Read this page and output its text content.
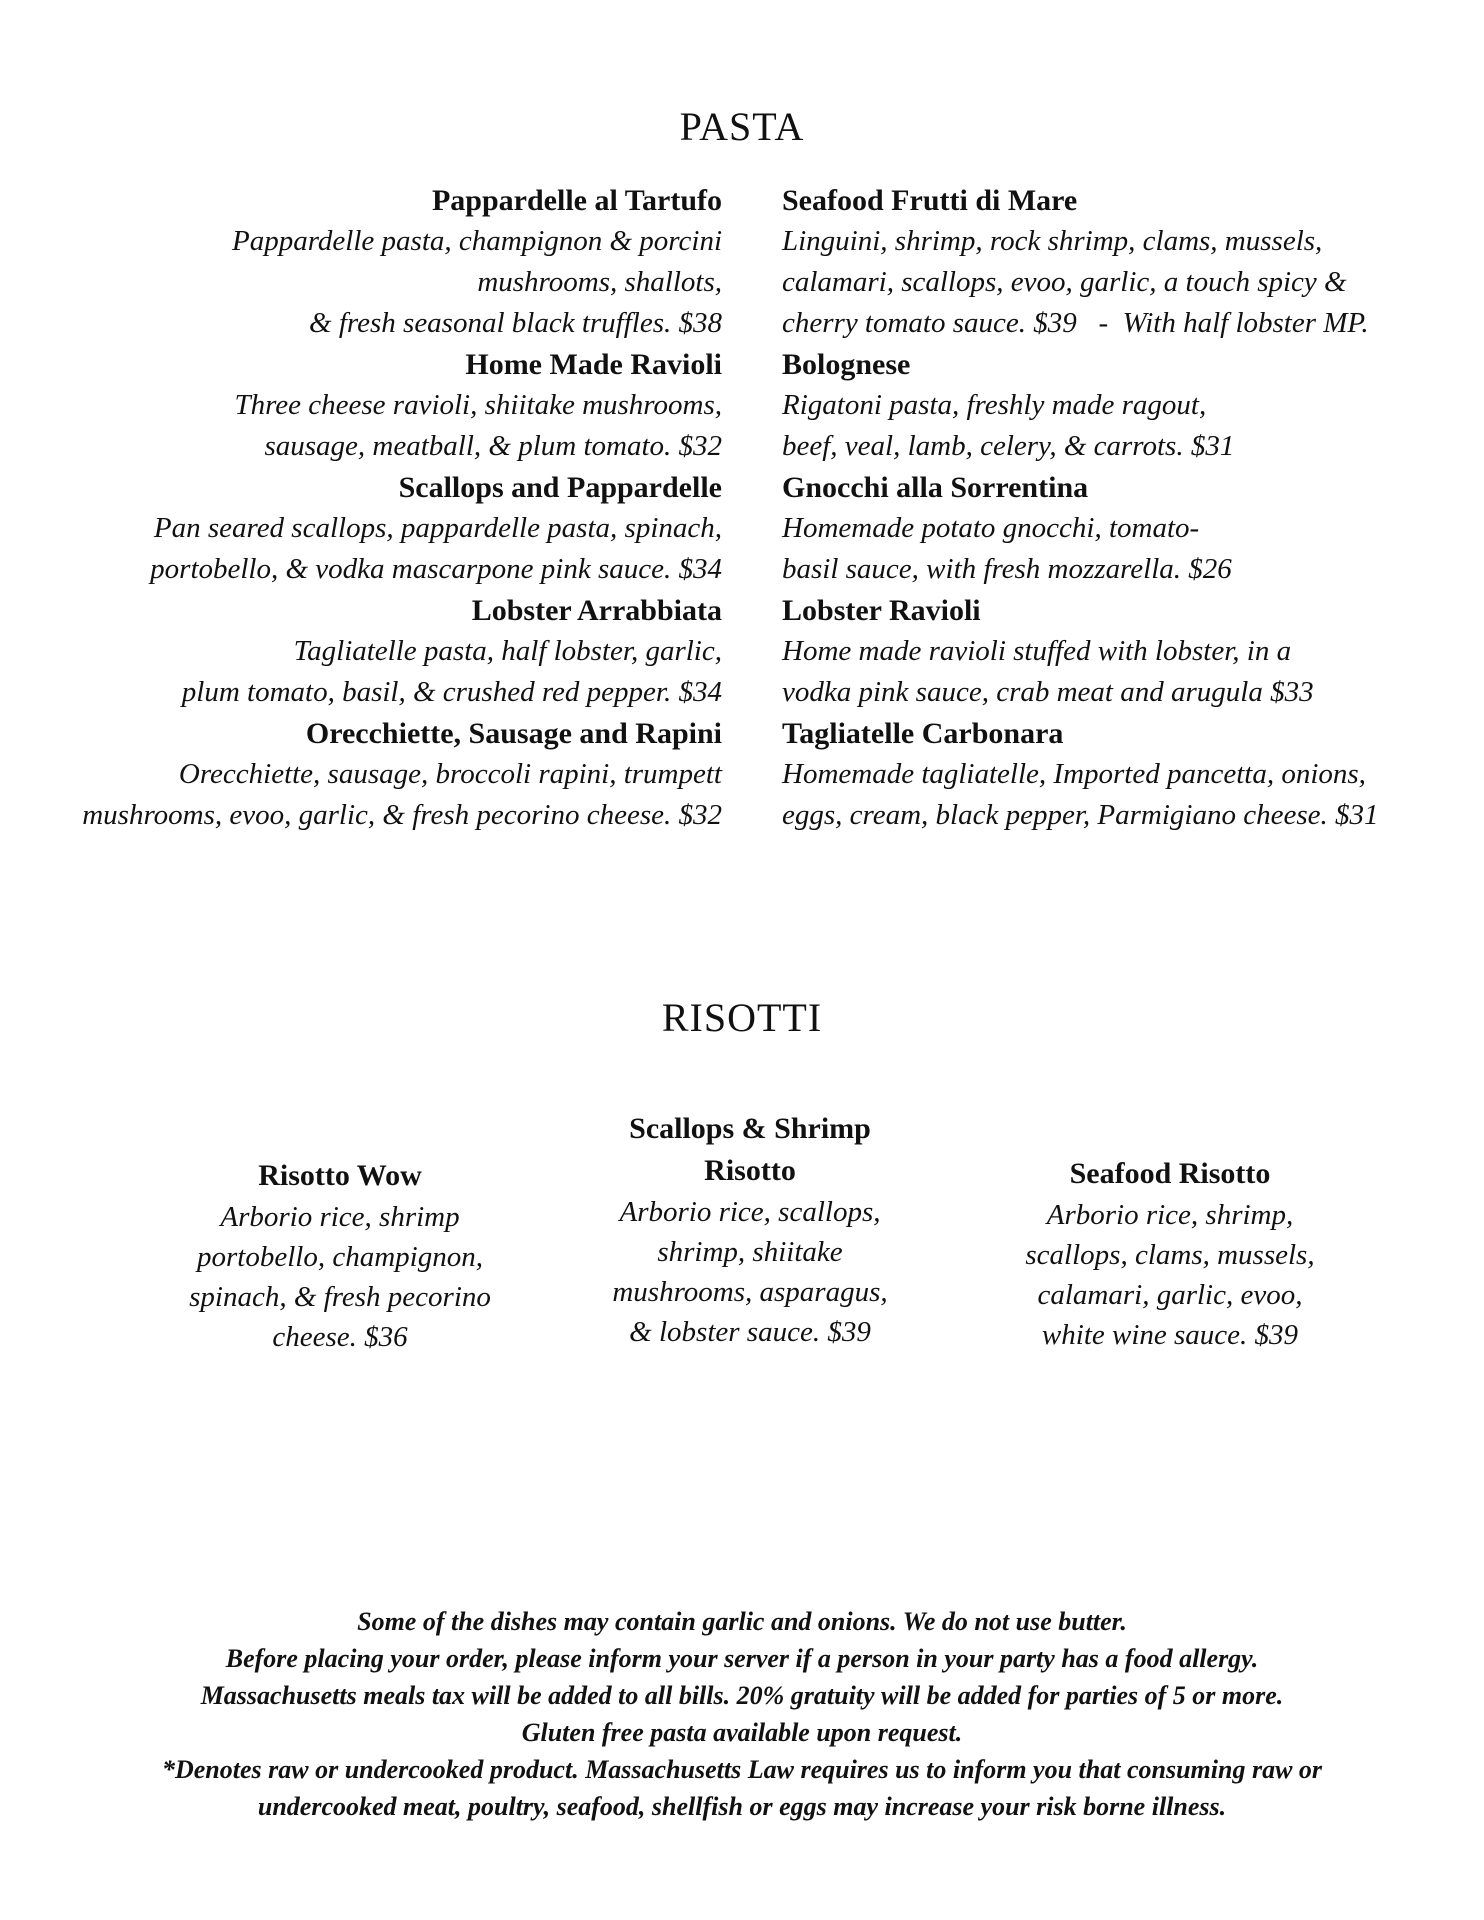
PASTA
Pappardelle al Tartufo
Pappardelle pasta, champignon & porcini
mushrooms, shallots,
& fresh seasonal black truffles. $38
Home Made Ravioli
Three cheese ravioli, shiitake mushrooms,
sausage, meatball, & plum tomato. $32
Scallops and Pappardelle
Pan seared scallops, pappardelle pasta, spinach,
portobello, & vodka mascarpone pink sauce. $34
Lobster Arrabbiata
Tagliatelle pasta, half lobster, garlic,
plum tomato, basil, & crushed red pepper. $34
Orecchiette, Sausage and Rapini
Orecchiette, sausage, broccoli rapini, trumpett
mushrooms, evoo, garlic, & fresh pecorino cheese. $32
Seafood Frutti di Mare
Linguini, shrimp, rock shrimp, clams, mussels,
calamari, scallops, evoo, garlic, a touch spicy &
cherry tomato sauce. $39   -  With half lobster MP.
Bolognese
Rigatoni pasta, freshly made ragout,
beef, veal, lamb, celery, & carrots. $31
Gnocchi alla Sorrentina
Homemade potato gnocchi, tomato-
basil sauce, with fresh mozzarella. $26
Lobster Ravioli
Home made ravioli stuffed with lobster, in a
vodka pink sauce, crab meat and arugula $33
Tagliatelle Carbonara
Homemade tagliatelle, Imported pancetta, onions,
eggs, cream, black pepper, Parmigiano cheese. $31
RISOTTI
Risotto Wow
Arborio rice, shrimp
portobello, champignon,
spinach, & fresh pecorino
cheese. $36
Scallops & Shrimp
Risotto
Arborio rice, scallops,
shrimp, shiitake
mushrooms, asparagus,
& lobster sauce. $39
Seafood Risotto
Arborio rice, shrimp,
scallops, clams, mussels,
calamari, garlic, evoo,
white wine sauce. $39
Some of the dishes may contain garlic and onions. We do not use butter.
Before placing your order, please inform your server if a person in your party has a food allergy.
Massachusetts meals tax will be added to all bills. 20% gratuity will be added for parties of 5 or more.
Gluten free pasta available upon request.
*Denotes raw or undercooked product. Massachusetts Law requires us to inform you that consuming raw or
undercooked meat, poultry, seafood, shellfish or eggs may increase your risk borne illness.
